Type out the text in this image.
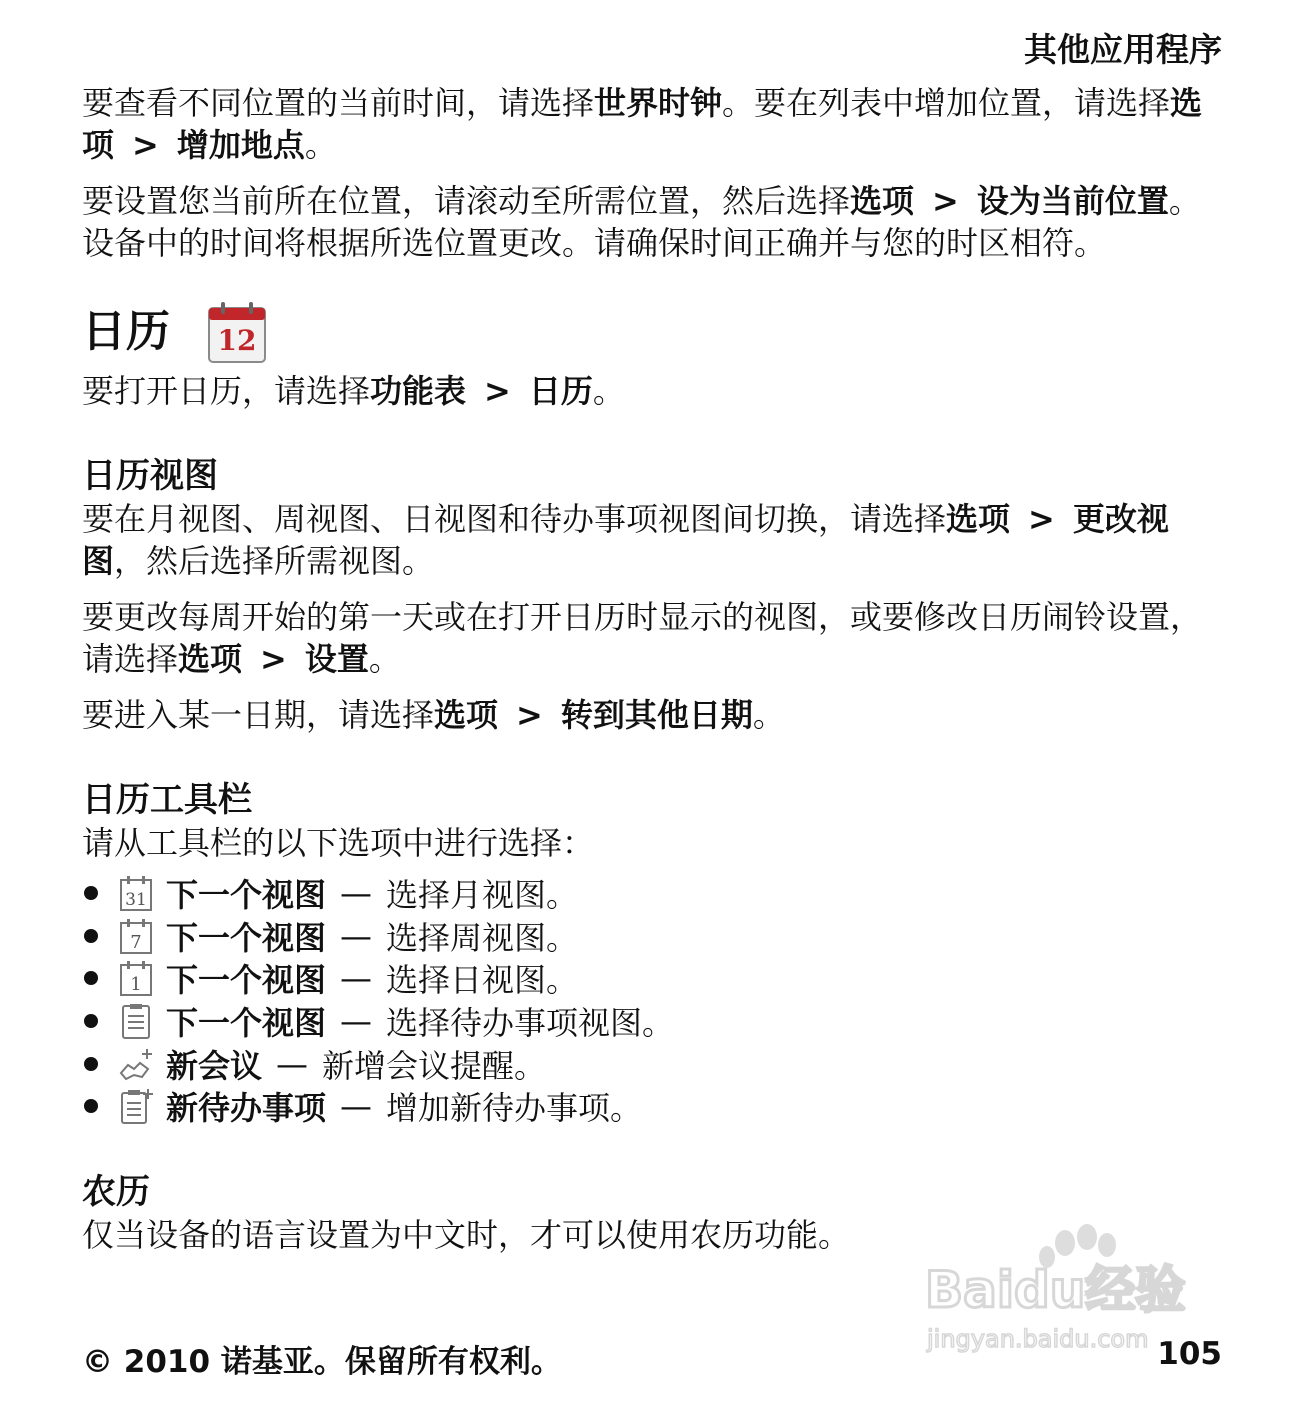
其他应用程序

要查看不同位置的当前时间，请选择世界时钟。要在列表中增加位置，请选择选项 > 增加地点。

要设置您当前所在位置，请滚动至所需位置，然后选择选项 > 设为当前位置。设备中的时间将根据所选位置更改。请确保时间正确并与您的时区相符。

日历 12

要打开日历，请选择功能表 > 日历。

日历视图

要在月视图、周视图、日视图和待办事项视图间切换，请选择选项 > 更改视图，然后选择所需视图。

要更改每周开始的第一天或在打开日历时显示的视图，或要修改日历闹铃设置，请选择选项 > 设置。

要进入某一日期，请选择选项 > 转到其他日期。

日历工具栏

请从工具栏的以下选项中进行选择：

31 下一个视图 — 选择月视图。
7 下一个视图 — 选择周视图。
1 下一个视图 — 选择日视图。
下一个视图 — 选择待办事项视图。
新会议 — 新增会议提醒。
新待办事项 — 增加新待办事项。

农历

仅当设备的语言设置为中文时，才可以使用农历功能。

Baidu经验
jingyan.baidu.com
© 2010 诺基亚。保留所有权利。	105
